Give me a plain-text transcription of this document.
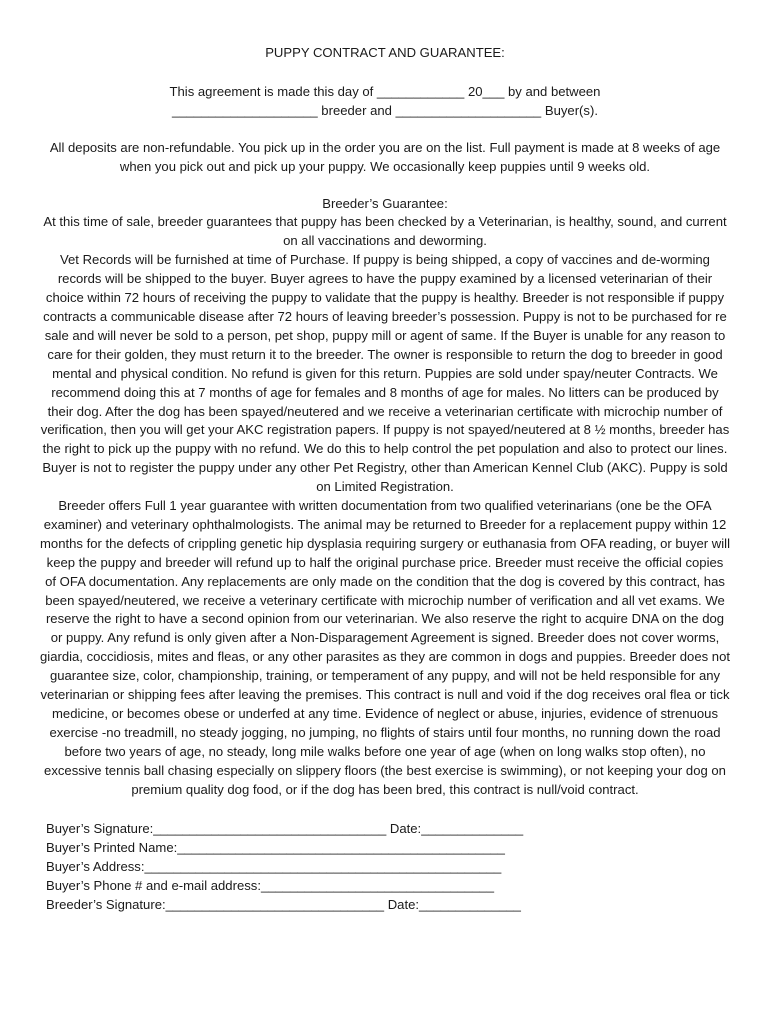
PUPPY CONTRACT AND GUARANTEE:

This agreement is made this day of ____________ 20___ by and between

____________________ breeder and ____________________ Buyer(s).

All deposits are non-refundable. You pick up in the order you are on the list. Full payment is made at 8 weeks of age when you pick out and pick up your puppy. We occasionally keep puppies until 9 weeks old.

Breeder’s Guarantee:

At this time of sale, breeder guarantees that puppy has been checked by a Veterinarian, is healthy, sound, and current on all vaccinations and deworming.

Vet Records will be furnished at time of Purchase. If puppy is being shipped, a copy of vaccines and de-worming records will be shipped to the buyer. Buyer agrees to have the puppy examined by a licensed veterinarian of their choice within 72 hours of receiving the puppy to validate that the puppy is healthy. Breeder is not responsible if puppy contracts a communicable disease after 72 hours of leaving breeder’s possession. Puppy is not to be purchased for re sale and will never be sold to a person, pet shop, puppy mill or agent of same. If the Buyer is unable for any reason to care for their golden, they must return it to the breeder. The owner is responsible to return the dog to breeder in good mental and physical condition. No refund is given for this return. Puppies are sold under spay/neuter Contracts. We recommend doing this at 7 months of age for females and 8 months of age for males. No litters can be produced by their dog. After the dog has been spayed/neutered and we receive a veterinarian certificate with microchip number of verification, then you will get your AKC registration papers. If puppy is not spayed/neutered at 8 ½ months, breeder has the right to pick up the puppy with no refund. We do this to help control the pet population and also to protect our lines. Buyer is not to register the puppy under any other Pet Registry, other than American Kennel Club (AKC). Puppy is sold on Limited Registration.

Breeder offers Full 1 year guarantee with written documentation from two qualified veterinarians (one be the OFA examiner) and veterinary ophthalmologists. The animal may be returned to Breeder for a replacement puppy within 12 months for the defects of crippling genetic hip dysplasia requiring surgery or euthanasia from OFA reading, or buyer will keep the puppy and breeder will refund up to half the original purchase price. Breeder must receive the official copies of OFA documentation. Any replacements are only made on the condition that the dog is covered by this contract, has been spayed/neutered, we receive a veterinary certificate with microchip number of verification and all vet exams. We reserve the right to have a second opinion from our veterinarian. We also reserve the right to acquire DNA on the dog or puppy. Any refund is only given after a Non-Disparagement Agreement is signed. Breeder does not cover worms, giardia, coccidiosis, mites and fleas, or any other parasites as they are common in dogs and puppies. Breeder does not guarantee size, color, championship, training, or temperament of any puppy, and will not be held responsible for any veterinarian or shipping fees after leaving the premises. This contract is null and void if the dog receives oral flea or tick medicine, or becomes obese or underfed at any time. Evidence of neglect or abuse, injuries, evidence of strenuous exercise -no treadmill, no steady jogging, no jumping, no flights of stairs until four months, no running down the road before two years of age, no steady, long mile walks before one year of age (when on long walks stop often), no excessive tennis ball chasing especially on slippery floors (the best exercise is swimming), or not keeping your dog on premium quality dog food, or if the dog has been bred, this contract is null/void contract.

Buyer’s Signature:________________________________ Date:______________
Buyer’s Printed Name:_____________________________________________
Buyer’s Address:_________________________________________________
Buyer’s Phone # and e-mail address:________________________________
Breeder’s Signature:______________________________ Date:______________
